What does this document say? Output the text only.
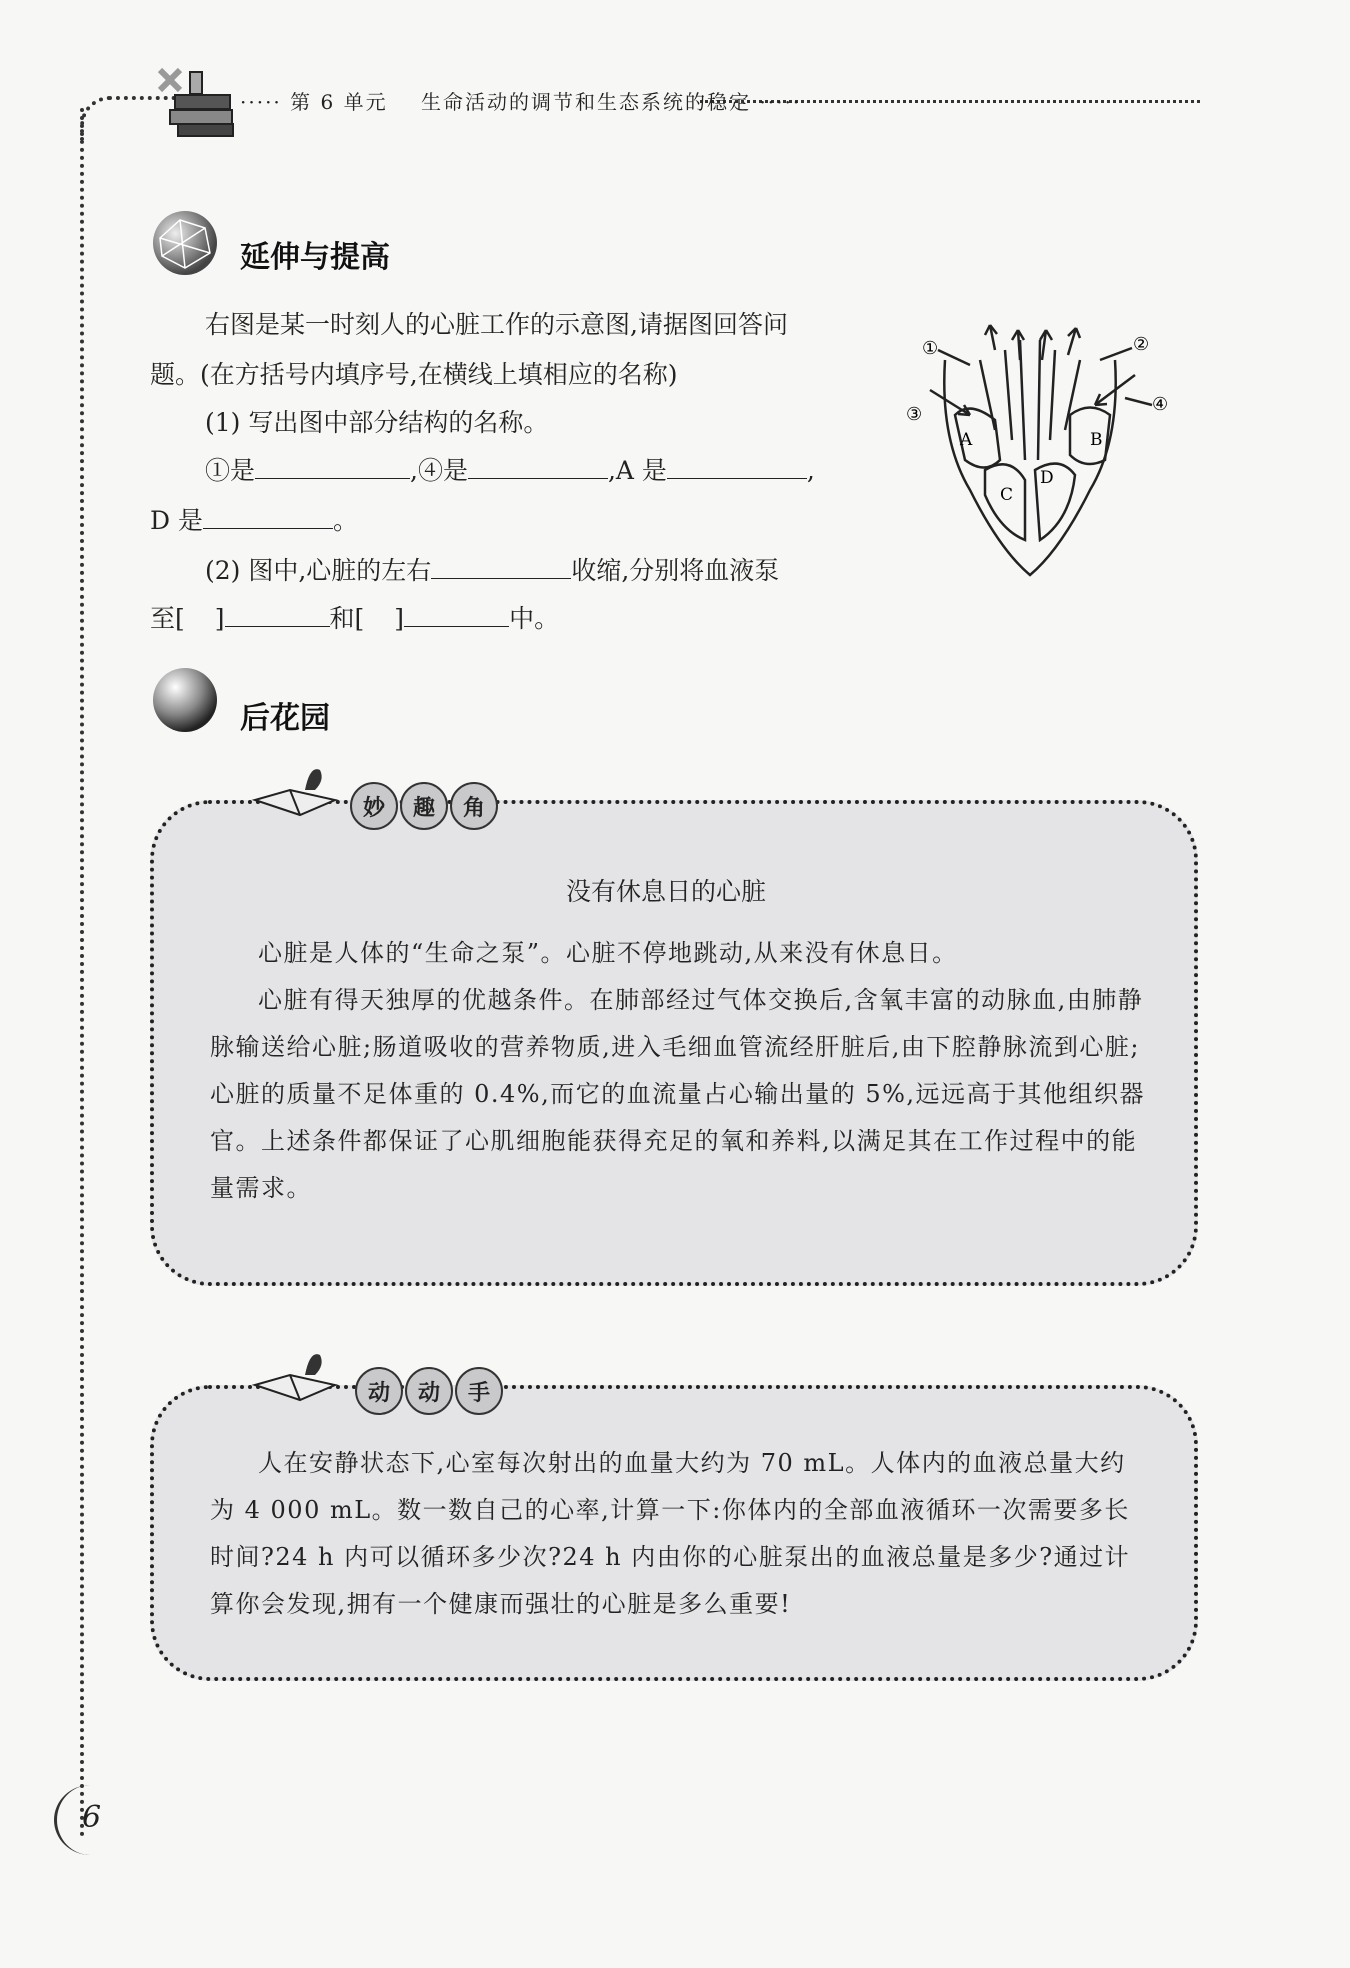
····· 第 6 单元 生命活动的调节和生态系统的稳定 ·····
延伸与提高
右图是某一时刻人的心脏工作的示意图,请据图回答问
题。(在方括号内填序号,在横线上填相应的名称)
(1) 写出图中部分结构的名称。
①是	,④是	,A 是	,
D 是	。
(2) 图中,心脏的左右	收缩,分别将血液泵
至[ ]	和[ ]	中。
①	②
③	④
A	B
C
D
后花园
妙	趣	角
没有休息日的心脏

心脏是人体的“生命之泵”。心脏不停地跳动,从来没有休息日。

心脏有得天独厚的优越条件。在肺部经过气体交换后,含氧丰富的动脉血,由肺静脉输送给心脏;肠道吸收的营养物质,进入毛细血管流经肝脏后,由下腔静脉流到心脏;心脏的质量不足体重的 0.4%,而它的血流量占心输出量的 5%,远远高于其他组织器官。上述条件都保证了心肌细胞能获得充足的氧和养料,以满足其在工作过程中的能量需求。

动	动	手

人在安静状态下,心室每次射出的血量大约为 70 mL。人体内的血液总量大约为 4 000 mL。数一数自己的心率,计算一下:你体内的全部血液循环一次需要多长时间?24 h 内可以循环多少次?24 h 内由你的心脏泵出的血液总量是多少?通过计算你会发现,拥有一个健康而强壮的心脏是多么重要!

6
